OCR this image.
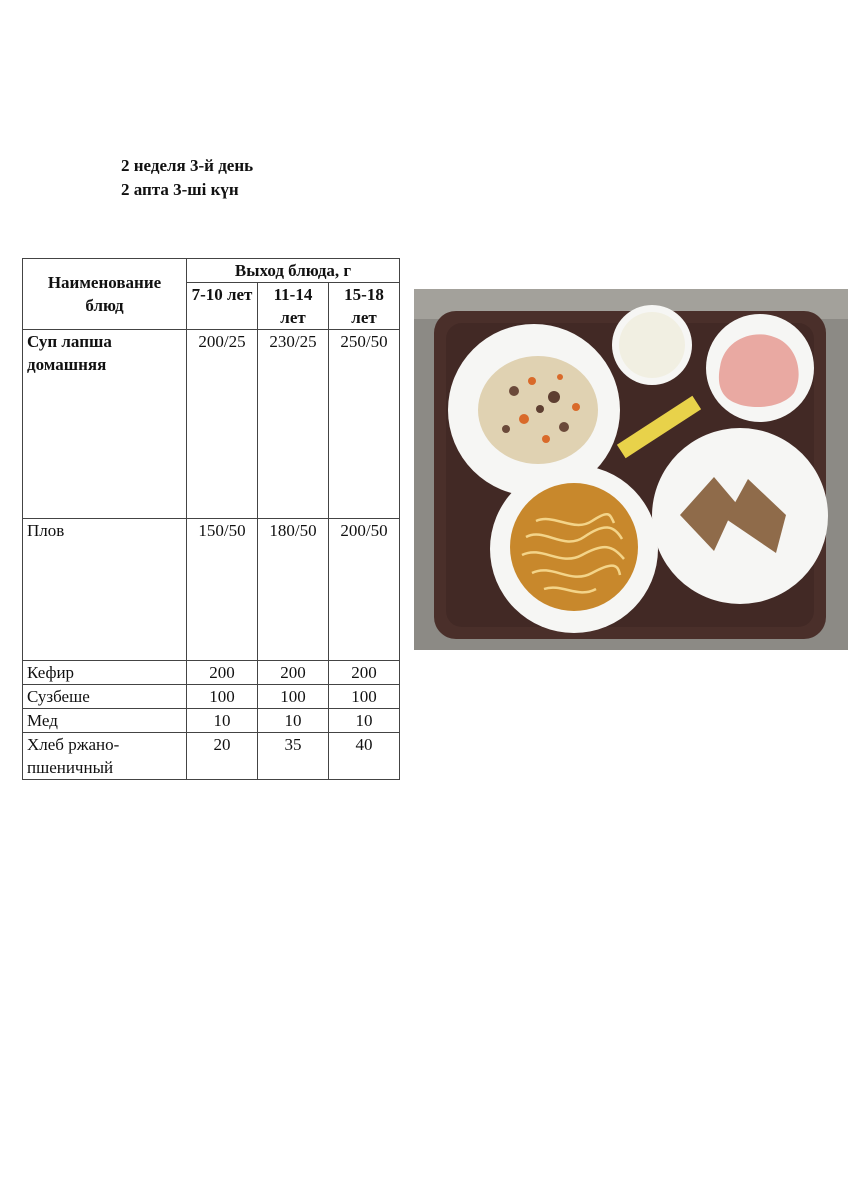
2 неделя 3-й день
2 апта 3-ші күн
Наименование блюд	Выход блюда, г		
	7-10 лет	11-14 лет	15-18 лет
Суп лапша домашняя	200/25	230/25	250/50
Плов	150/50	180/50	200/50
Кефир	200	200	200
Сузбеше	100	100	100
Мед	10	10	10
Хлеб ржано-пшеничный	20	35	40
